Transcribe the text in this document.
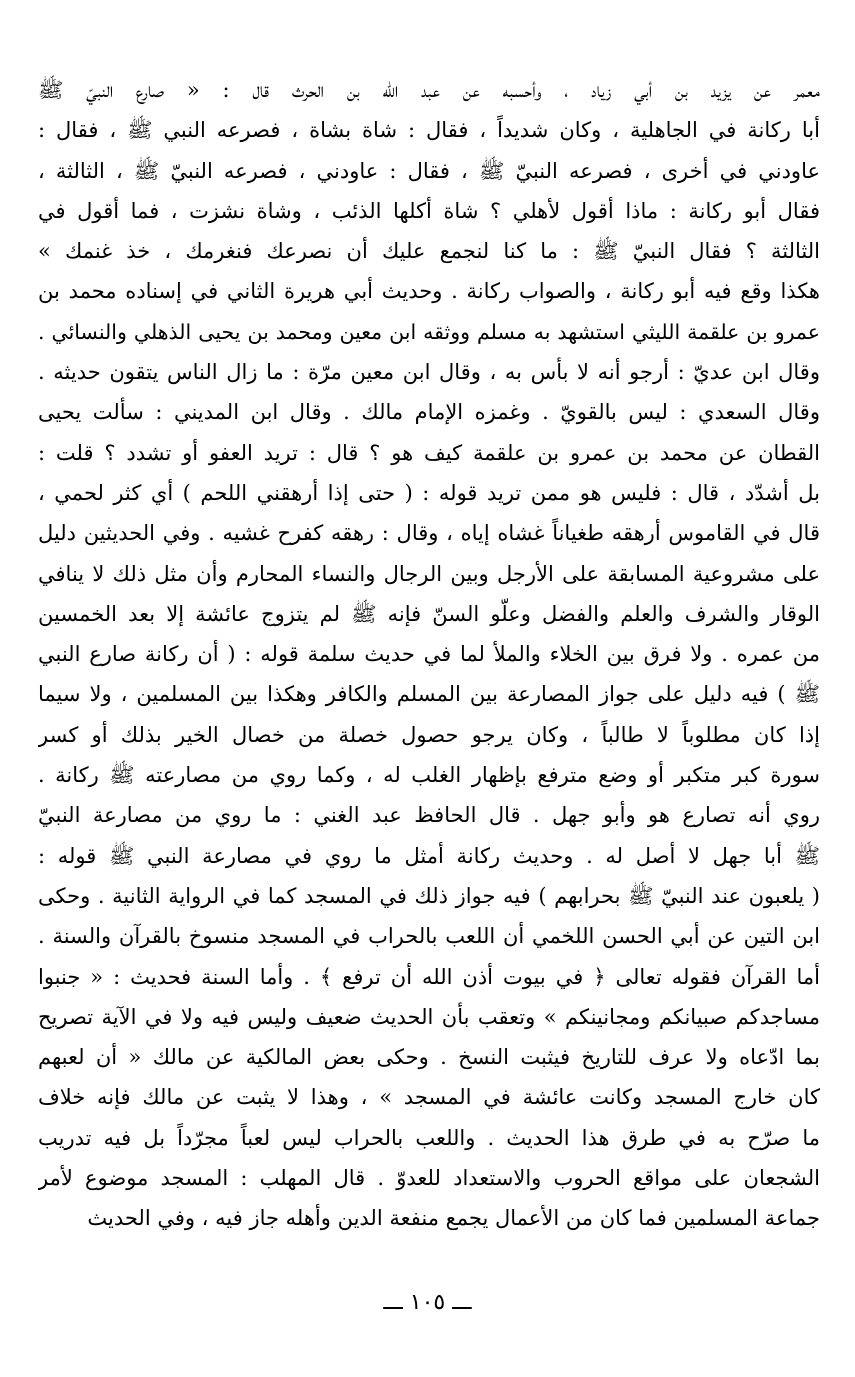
معمر عن يزيد بن أبي زياد ، وأحسبه عن عبد الله بن الحرث قال : « صارع النبيّ ﷺ
أبا ركانة في الجاهلية ، وكان شديداً ، فقال : شاة بشاة ، فصرعه النبي ﷺ ، فقال :
عاودني في أخرى ، فصرعه النبيّ ﷺ ، فقال : عاودني ، فصرعه النبيّ ﷺ ، الثالثة ،
فقال أبو ركانة : ماذا أقول لأهلي ؟ شاة أكلها الذئب ، وشاة نشزت ، فما أقول في
الثالثة ؟ فقال النبيّ ﷺ : ما كنا لنجمع عليك أن نصرعك فنغرمك ، خذ غنمك »
هكذا وقع فيه أبو ركانة ، والصواب ركانة . وحديث أبي هريرة الثاني في إسناده محمد بن
عمرو بن علقمة الليثي استشهد به مسلم ووثقه ابن معين ومحمد بن يحيى الذهلي والنسائي .
وقال ابن عديّ : أرجو أنه لا بأس به ، وقال ابن معين مرّة : ما زال الناس يتقون حديثه .
وقال السعدي : ليس بالقويّ . وغمزه الإمام مالك . وقال ابن المديني : سألت يحيى
القطان عن محمد بن عمرو بن علقمة كيف هو ؟ قال : تريد العفو أو تشدد ؟ قلت :
بل أشدّد ، قال : فليس هو ممن تريد قوله : ( حتى إذا أرهقني اللحم ) أي كثر لحمي ،
قال في القاموس أرهقه طغياناً غشاه إياه ، وقال : رهقه كفرح غشيه . وفي الحديثين دليل
على مشروعية المسابقة على الأرجل وبين الرجال والنساء المحارم وأن مثل ذلك لا ينافي
الوقار والشرف والعلم والفضل وعلّو السنّ فإنه ﷺ لم يتزوج عائشة إلا بعد الخمسين
من عمره . ولا فرق بين الخلاء والملأ لما في حديث سلمة قوله : ( أن ركانة صارع النبي
ﷺ ) فيه دليل على جواز المصارعة بين المسلم والكافر وهكذا بين المسلمين ، ولا سيما
إذا كان مطلوباً لا طالباً ، وكان يرجو حصول خصلة من خصال الخير بذلك أو كسر
سورة كبر متكبر أو وضع مترفع بإظهار الغلب له ، وكما روي من مصارعته ﷺ ركانة .
روي أنه تصارع هو وأبو جهل . قال الحافظ عبد الغني : ما روي من مصارعة النبيّ
ﷺ أبا جهل لا أصل له . وحديث ركانة أمثل ما روي في مصارعة النبي ﷺ قوله :
( يلعبون عند النبيّ ﷺ بحرابهم ) فيه جواز ذلك في المسجد كما في الرواية الثانية . وحكى
ابن التين عن أبي الحسن اللخمي أن اللعب بالحراب في المسجد منسوخ بالقرآن والسنة .
أما القرآن فقوله تعالى ﴿ في بيوت أذن الله أن ترفع ﴾ . وأما السنة فحديث : « جنبوا
مساجدكم صبيانكم ومجانينكم » وتعقب بأن الحديث ضعيف وليس فيه ولا في الآية تصريح
بما ادّعاه ولا عرف للتاريخ فيثبت النسخ . وحكى بعض المالكية عن مالك « أن لعبهم
كان خارج المسجد وكانت عائشة في المسجد » ، وهذا لا يثبت عن مالك فإنه خلاف
ما صرّح به في طرق هذا الحديث . واللعب بالحراب ليس لعباً مجرّداً بل فيه تدريب
الشجعان على مواقع الحروب والاستعداد للعدوّ . قال المهلب : المسجد موضوع لأمر
جماعة المسلمين فما كان من الأعمال يجمع منفعة الدين وأهله جاز فيه ، وفي الحديث
ـــ ١٠٥ ـــ
